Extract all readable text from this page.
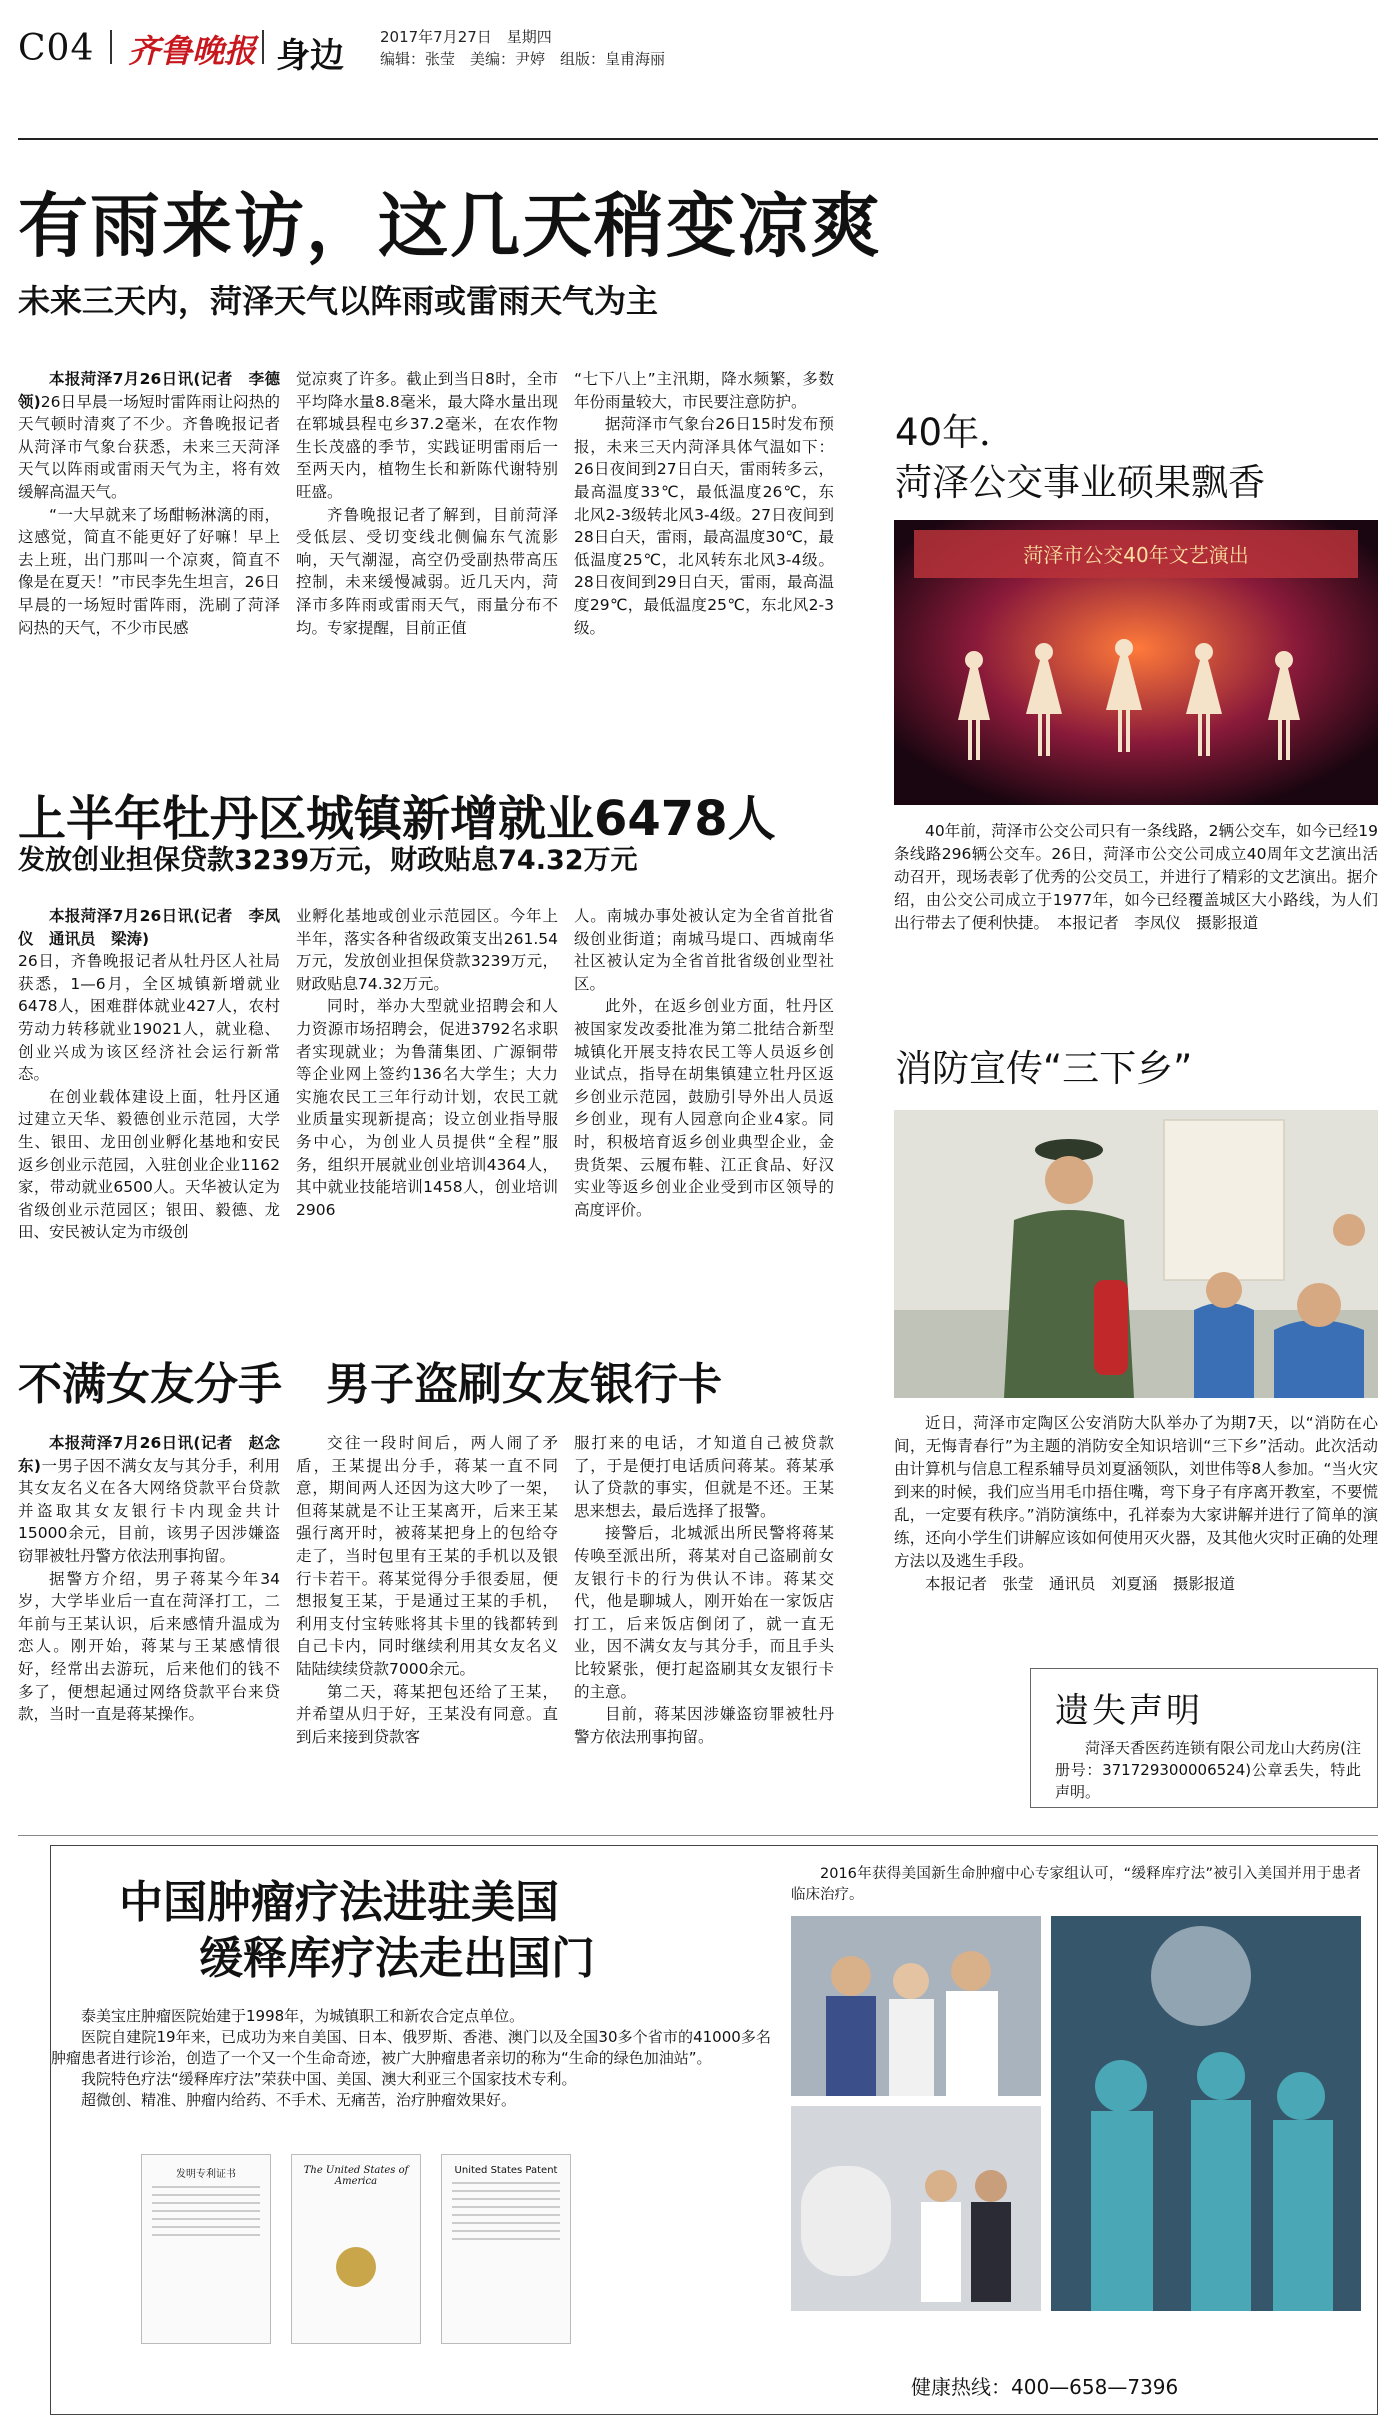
C04 齐鲁晚报 身边 2017年7月27日　星期四
编辑：张莹　美编：尹婷　组版：皇甫海丽
有雨来访，这几天稍变凉爽
未来三天内，菏泽天气以阵雨或雷雨天气为主

本报菏泽7月26日讯(记者　李德领)26日早晨一场短时雷阵雨让闷热的天气顿时清爽了不少。齐鲁晚报记者从菏泽市气象台获悉，未来三天菏泽天气以阵雨或雷雨天气为主，将有效缓解高温天气。

“一大早就来了场酣畅淋漓的雨，这感觉，简直不能更好了好嘛！早上去上班，出门那叫一个凉爽，简直不像是在夏天！”市民李先生坦言，26日早晨的一场短时雷阵雨，洗刷了菏泽闷热的天气，不少市民感

觉凉爽了许多。截止到当日8时，全市平均降水量8.8毫米，最大降水量出现在郓城县程屯乡37.2毫米，在农作物生长茂盛的季节，实践证明雷雨后一至两天内，植物生长和新陈代谢特别旺盛。

齐鲁晚报记者了解到，目前菏泽受低层、受切变线北侧偏东气流影响，天气潮湿，高空仍受副热带高压控制，未来缓慢减弱。近几天内，菏泽市多阵雨或雷雨天气，雨量分布不均。专家提醒，目前正值

“七下八上”主汛期，降水频繁，多数年份雨量较大，市民要注意防护。

据菏泽市气象台26日15时发布预报，未来三天内菏泽具体气温如下：26日夜间到27日白天，雷雨转多云，最高温度33℃，最低温度26℃，东北风2-3级转北风3-4级。27日夜间到28日白天，雷雨，最高温度30℃，最低温度25℃，北风转东北风3-4级。28日夜间到29日白天，雷雨，最高温度29℃，最低温度25℃，东北风2-3级。

上半年牡丹区城镇新增就业6478人
发放创业担保贷款3239万元，财政贴息74.32万元

本报菏泽7月26日讯(记者　李凤仪　通讯员　梁涛)

26日，齐鲁晚报记者从牡丹区人社局获悉，1—6月，全区城镇新增就业6478人，困难群体就业427人，农村劳动力转移就业19021人，就业稳、创业兴成为该区经济社会运行新常态。

在创业载体建设上面，牡丹区通过建立天华、毅德创业示范园，大学生、银田、龙田创业孵化基地和安民返乡创业示范园，入驻创业企业1162家，带动就业6500人。天华被认定为省级创业示范园区；银田、毅德、龙田、安民被认定为市级创

业孵化基地或创业示范园区。今年上半年，落实各种省级政策支出261.54万元，发放创业担保贷款3239万元，财政贴息74.32万元。

同时，举办大型就业招聘会和人力资源市场招聘会，促进3792名求职者实现就业；为鲁蒲集团、广源铜带等企业网上签约136名大学生；大力实施农民工三年行动计划，农民工就业质量实现新提高；设立创业指导服务中心，为创业人员提供“全程”服务，组织开展就业创业培训4364人，其中就业技能培训1458人，创业培训2906

人。南城办事处被认定为全省首批省级创业街道；南城马堤口、西城南华社区被认定为全省首批省级创业型社区。

此外，在返乡创业方面，牡丹区被国家发改委批准为第二批结合新型城镇化开展支持农民工等人员返乡创业试点，指导在胡集镇建立牡丹区返乡创业示范园，鼓励引导外出人员返乡创业，现有人园意向企业4家。同时，积极培育返乡创业典型企业，金贵货架、云履布鞋、江正食品、好汉实业等返乡创业企业受到市区领导的高度评价。

不满女友分手　男子盗刷女友银行卡

本报菏泽7月26日讯(记者　赵念东)一男子因不满女友与其分手，利用其女友名义在各大网络贷款平台贷款并盗取其女友银行卡内现金共计15000余元，目前，该男子因涉嫌盗窃罪被牡丹警方依法刑事拘留。

据警方介绍，男子蒋某今年34岁，大学毕业后一直在菏泽打工，二年前与王某认识，后来感情升温成为恋人。刚开始，蒋某与王某感情很好，经常出去游玩，后来他们的钱不多了，便想起通过网络贷款平台来贷款，当时一直是蒋某操作。

交往一段时间后，两人闹了矛盾，王某提出分手，蒋某一直不同意，期间两人还因为这大吵了一架，但蒋某就是不让王某离开，后来王某强行离开时，被蒋某把身上的包给夺走了，当时包里有王某的手机以及银行卡若干。蒋某觉得分手很委屈，便想报复王某，于是通过王某的手机，利用支付宝转账将其卡里的钱都转到自己卡内，同时继续利用其女友名义陆陆续续贷款7000余元。

第二天，蒋某把包还给了王某，并希望从归于好，王某没有同意。直到后来接到贷款客

服打来的电话，才知道自己被贷款了，于是便打电话质问蒋某。蒋某承认了贷款的事实，但就是不还。王某思来想去，最后选择了报警。

接警后，北城派出所民警将蒋某传唤至派出所，蒋某对自己盗刷前女友银行卡的行为供认不讳。蒋某交代，他是聊城人，刚开始在一家饭店打工，后来饭店倒闭了，就一直无业，因不满女友与其分手，而且手头比较紧张，便打起盗刷其女友银行卡的主意。

目前，蒋某因涉嫌盗窃罪被牡丹警方依法刑事拘留。

40年．
菏泽公交事业硕果飘香
菏泽市公交40年文艺演出

40年前，菏泽市公交公司只有一条线路，2辆公交车，如今已经19条线路296辆公交车。26日，菏泽市公交公司成立40周年文艺演出活动召开，现场表彰了优秀的公交员工，并进行了精彩的文艺演出。据介绍，由公交公司成立于1977年，如今已经覆盖城区大小路线，为人们出行带去了便利快捷。　本报记者　李凤仪　摄影报道

消防宣传“三下乡”

近日，菏泽市定陶区公安消防大队举办了为期7天，以“消防在心间，无悔青春行”为主题的消防安全知识培训“三下乡”活动。此次活动由计算机与信息工程系辅导员刘夏涵领队，刘世伟等8人参加。“当火灾到来的时候，我们应当用毛巾捂住嘴，弯下身子有序离开教室，不要慌乱，一定要有秩序。”消防演练中，孔祥泰为大家讲解并进行了简单的演练，还向小学生们讲解应该如何使用灭火器，及其他火灾时正确的处理方法以及逃生手段。

本报记者　张莹　通讯员　刘夏涵　摄影报道

遗失声明

菏泽天香医药连锁有限公司龙山大药房(注册号：371729300006524)公章丢失，特此声明。

中国肿瘤疗法进驻美国
缓释库疗法走出国门

泰美宝庄肿瘤医院始建于1998年，为城镇职工和新农合定点单位。

医院自建院19年来，已成功为来自美国、日本、俄罗斯、香港、澳门以及全国30多个省市的41000多名肿瘤患者进行诊治，创造了一个又一个生命奇迹，被广大肿瘤患者亲切的称为“生命的绿色加油站”。

我院特色疗法“缓释库疗法”荣获中国、美国、澳大利亚三个国家技术专利。

超微创、精准、肿瘤内给药、不手术、无痛苦，治疗肿瘤效果好。

发明专利证书	The United States of America
United States Patent

2016年获得美国新生命肿瘤中心专家组认可，“缓释库疗法”被引入美国并用于患者临床治疗。

健康热线：400—658—7396
